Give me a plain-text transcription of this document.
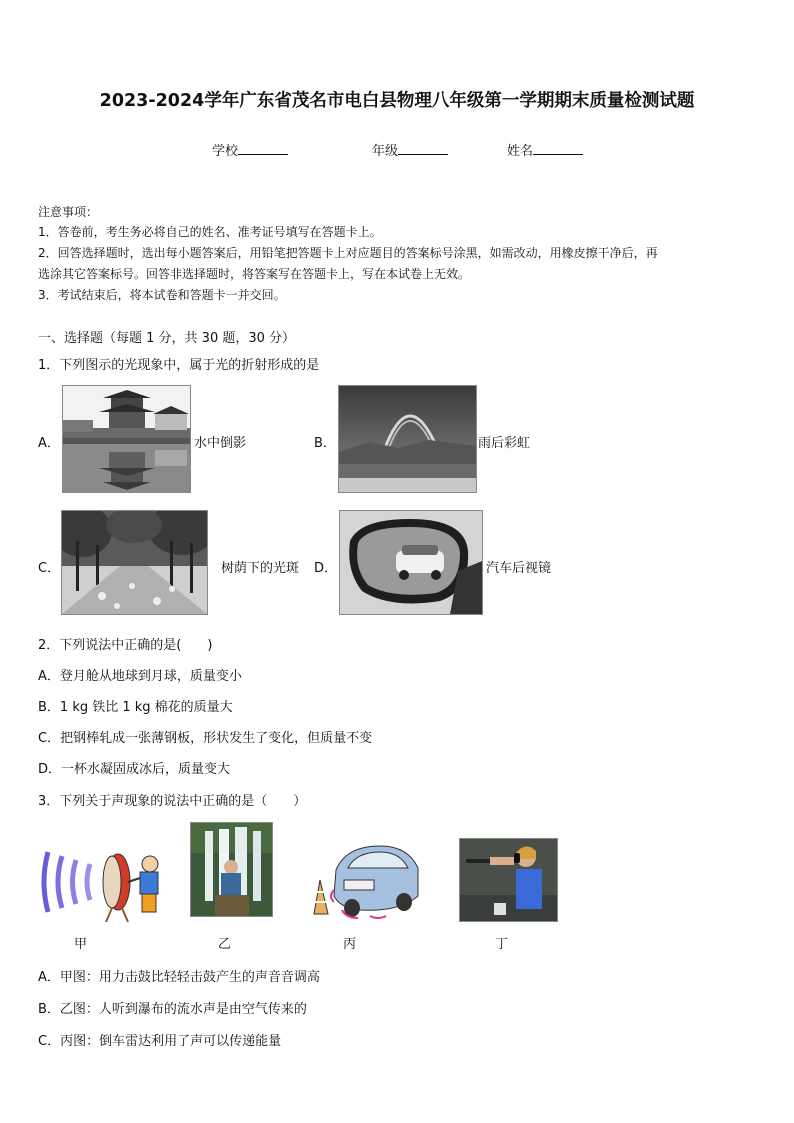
2023-2024学年广东省茂名市电白县物理八年级第一学期期末质量检测试题
学校	年级	姓名
注意事项：
1．答卷前，考生务必将自己的姓名、准考证号填写在答题卡上。
2．回答选择题时，选出每小题答案后，用铅笔把答题卡上对应题目的答案标号涂黑，如需改动，用橡皮擦干净后，再
选涂其它答案标号。回答非选择题时，将答案写在答题卡上，写在本试卷上无效。
3．考试结束后，将本试卷和答题卡一并交回。
一、选择题（每题 1 分，共 30 题，30 分）
1．下列图示的光现象中，属于光的折射形成的是
A．	水中倒影	B．	雨后彩虹
C．	树荫下的光斑 D．	汽车后视镜
2．下列说法中正确的是(　　)
A．登月舱从地球到月球，质量变小
B．1 kg 铁比 1 kg 棉花的质量大
C．把钢棒轧成一张薄钢板，形状发生了变化，但质量不变
D．一杯水凝固成冰后，质量变大
3．下列关于声现象的说法中正确的是（　　）
甲	乙	丙	丁
A．甲图：用力击鼓比轻轻击鼓产生的声音音调高
B．乙图：人听到瀑布的流水声是由空气传来的
C．丙图：倒车雷达利用了声可以传递能量
